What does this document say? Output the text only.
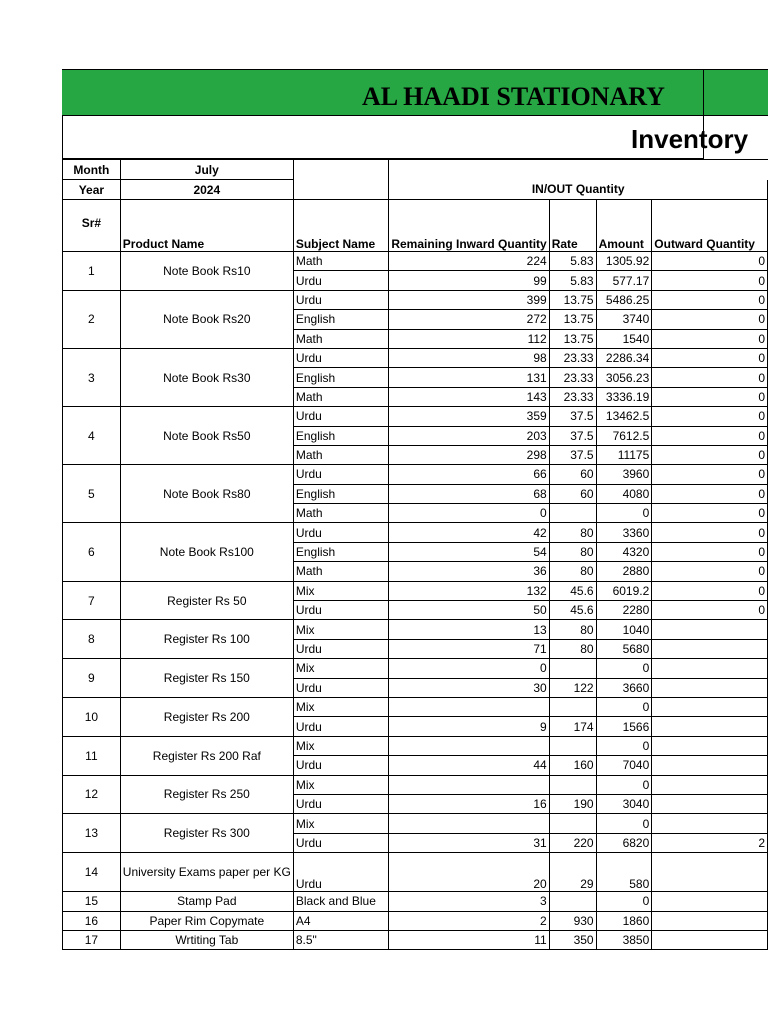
AL HAADI STATIONARY
Inventory
Month	July					
Year	2024		IN/OUT Quantity			
Sr#	Product Name	Subject Name	Remaining Inward Quantity	Rate	Amount	Outward Quantity
1	Note Book Rs10	Math	224	5.83	1305.92	0
		Urdu	99	5.83	577.17	0
2	Note Book Rs20	Urdu	399	13.75	5486.25	0
		English	272	13.75	3740	0
		Math	112	13.75	1540	0
3	Note Book Rs30	Urdu	98	23.33	2286.34	0
		English	131	23.33	3056.23	0
		Math	143	23.33	3336.19	0
4	Note Book Rs50	Urdu	359	37.5	13462.5	0
		English	203	37.5	7612.5	0
		Math	298	37.5	11175	0
5	Note Book Rs80	Urdu	66	60	3960	0
		English	68	60	4080	0
		Math	0		0	0
6	Note Book Rs100	Urdu	42	80	3360	0
		English	54	80	4320	0
		Math	36	80	2880	0
7	Register Rs 50	Mix	132	45.6	6019.2	0
		Urdu	50	45.6	2280	0
8	Register Rs 100	Mix	13	80	1040	
		Urdu	71	80	5680	
9	Register Rs 150	Mix	0		0	
		Urdu	30	122	3660	
10	Register Rs 200	Mix			0	
		Urdu	9	174	1566	
11	Register Rs 200 Raf	Mix			0	
		Urdu	44	160	7040	
12	Register Rs 250	Mix			0	
		Urdu	16	190	3040	
13	Register Rs 300	Mix			0	
		Urdu	31	220	6820	2
14	University Exams paper per KG	Urdu	20	29	580	
15	Stamp Pad	Black and Blue	3		0	
16	Paper Rim Copymate	A4	2	930	1860	
17	Wrtiting Tab	8.5"	11	350	3850	
